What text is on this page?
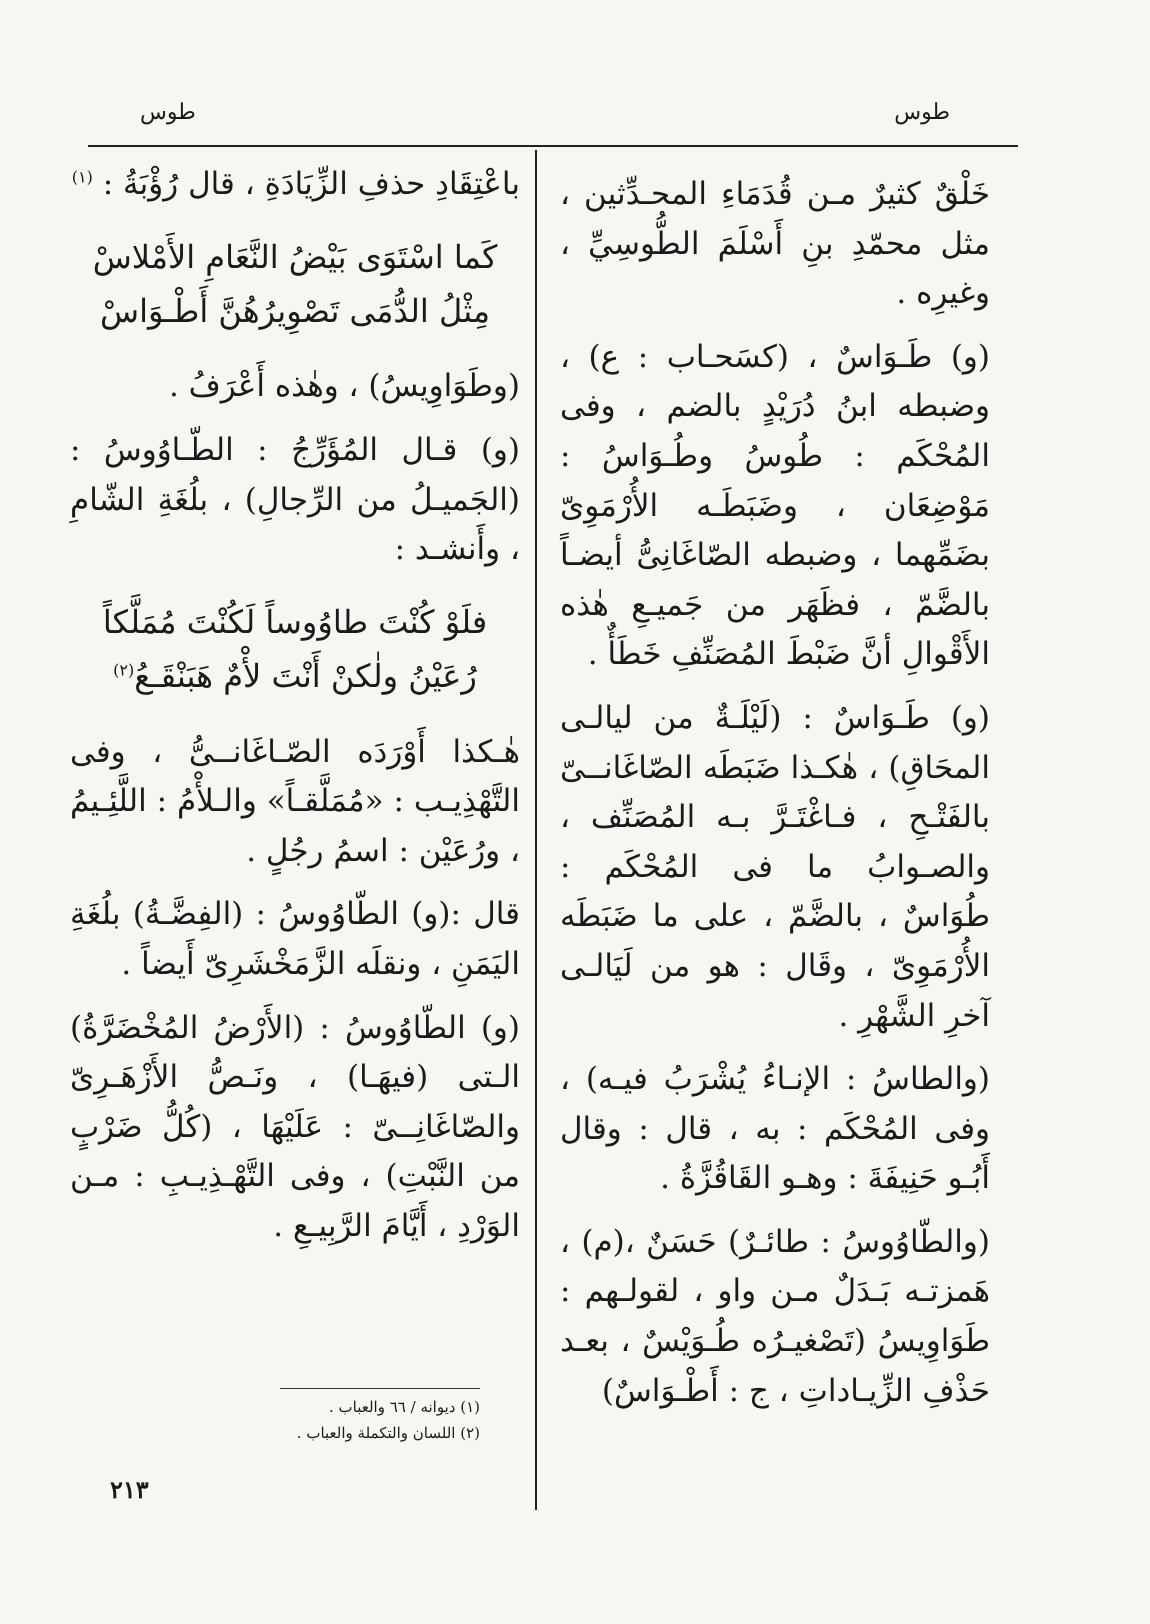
طوس
طوس

خَلْقٌ كثيرٌ مـن قُدَمَاءِ المحـدِّثين ، مثل محمّدِ بنِ أَسْلَمَ الطُّوسِيِّ ، وغيرِه .

(و) طَـوَاسٌ ، (كسَحـاب : ع) ، وضبطه ابنُ دُرَيْدٍ بالضم ، وفى المُحْكَم : طُوسُ وطُـوَاسُ : مَوْضِعَان ، وضَبَطَـه الأُرْمَوِىّ بضَمِّهما ، وضبطه الصّاغَانِىُّ أيضـاً بالضَّمّ ، فظَهَر من جَميـعِ هٰذه الأَقْوالِ أنَّ ضَبْطَ المُصَنِّفِ خَطَأٌ .

(و) طَـوَاسٌ : (لَيْلَـةٌ من ليالـى المحَاقِ) ، هٰكـذا ضَبَطَه الصّاغَانــىّ بالفَتْـحِ ، فـاغْتَـرَّ بـه المُصَنِّف ، والصـوابُ ما فى المُحْكَم : طُوَاسٌ ، بالضَّمّ ، على ما ضَبَطَه الأُرْمَوِىّ ، وقَال : هو من لَيَالـى آخرِ الشَّهْرِ .

(والطاسُ : الإنـاءُ يُشْرَبُ فيـه) ، وفى المُحْكَم : به ، قال : وقال أَبُـو حَنِيفَةَ : وهـو القَاقُزَّةُ .

(والطّاوُوسُ : طائـرٌ) حَسَنٌ ،(م) ، هَمزتـه بَـدَلٌ مـن واو ، لقولـهم : طَوَاوِيسُ (تَصْغيـرُه طُـوَيْسٌ ، بعـد حَذْفِ الزِّيـاداتِ ، ج : أَطْـوَاسٌ)

باعْتِقَادِ حذفِ الزِّيَادَةِ ، قال رُؤْبَةُ : $^{(١)}$

كَما اسْتَوَى بَيْضُ النَّعَامِ الأَمْلاسْ
مِثْلُ الدُّمَى تَصْوِيرُهُنَّ أَطْـوَاسْ

(وطَوَاوِيسُ) ، وهٰذه أَعْرَفُ .

(و) قـال المُؤَرِّجُ : الطّـاوُوسُ : (الجَميـلُ من الرِّجالِ) ، بلُغَةِ الشّامِ ، وأَنشـد :

فلَوْ كُنْتَ طاوُوساً لَكُنْتَ مُمَلَّكاً
رُعَيْنُ ولٰكنْ أَنْتَ لأْمٌ هَبَنْقَـعُ$^{(٢)}$

هٰـكذا أَوْرَدَه الصّـاغَانــىُّ ، وفى التَّهْذِيـب : «مُمَلَّقـاً» والـلأْمُ : اللَّئِـيمُ ، ورُعَيْن : اسمُ رجُلٍ .

قال :(و) الطّاوُوسُ : (الفِضَّـةُ) بلُغَةِ اليَمَنِ ، ونقلَه الزَّمَخْشَرِىّ أَيضاً .

(و) الطّاوُوسُ : (الأَرْضُ المُخْضَرَّةُ) الـتى (فيهَـا) ، ونَـصُّ الأَزْهَـرِىّ والصّاغَانِــىّ : عَلَيْهَا ، (كُلُّ ضَرْبٍ من النَّبْتِ) ، وفى التَّهْـذِيـبِ : مـن الوَرْدِ ، أَيَّامَ الرَّبِيـعِ .

(١) ديوانه / ٦٦ والعباب .
(٢) اللسان والتكملة والعباب .
٢١٣
